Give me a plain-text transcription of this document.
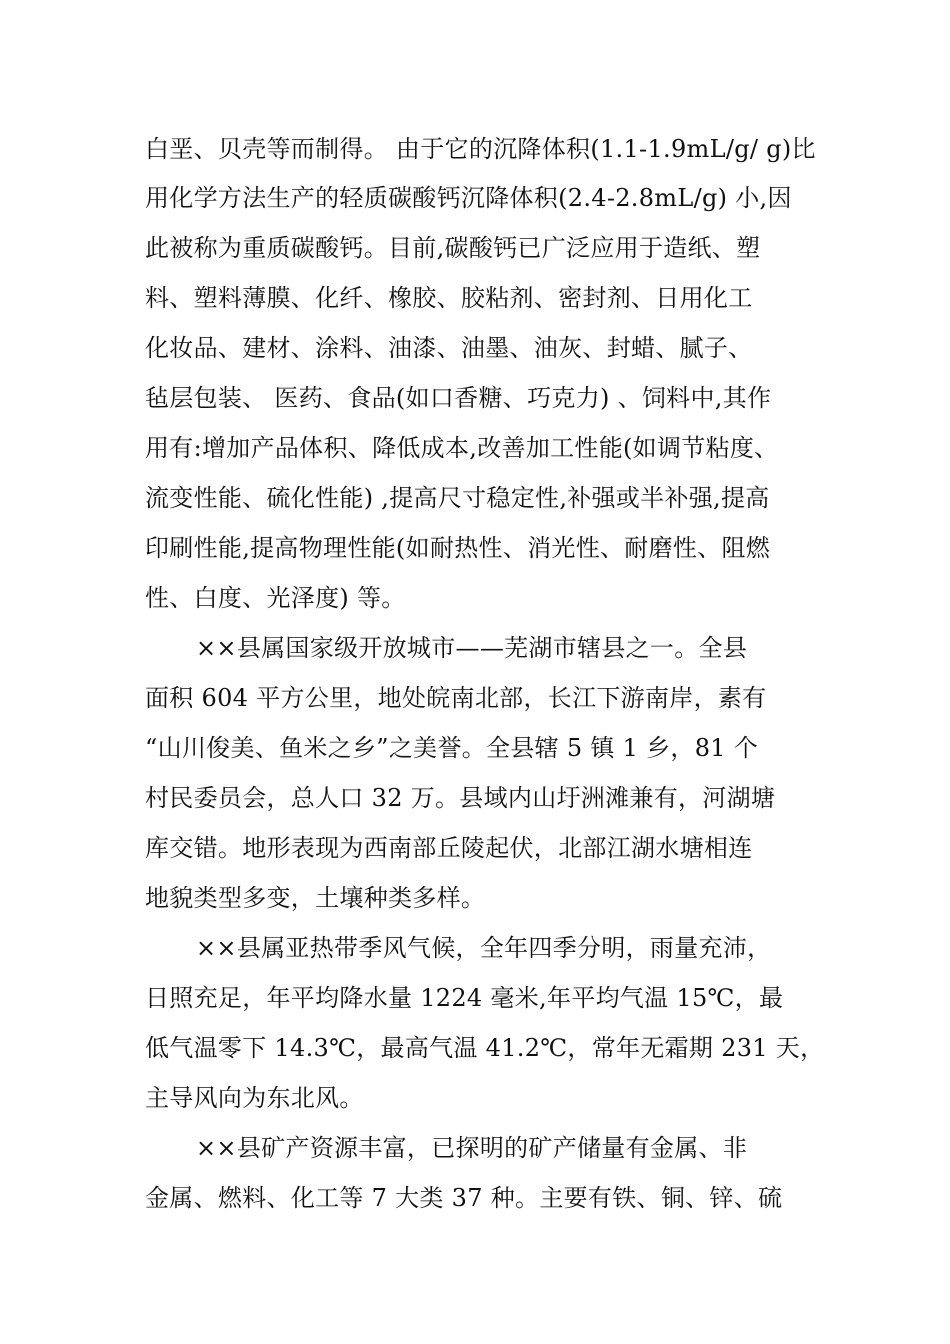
白垩、贝壳等而制得。 由于它的沉降体积(1.1-1.9mL/g/ g)比

用化学方法生产的轻质碳酸钙沉降体积(2.4-2.8mL/g) 小,因

此被称为重质碳酸钙。目前,碳酸钙已广泛应用于造纸、塑

料、塑料薄膜、化纤、橡胶、胶粘剂、密封剂、日用化工

化妆品、建材、涂料、油漆、油墨、油灰、封蜡、腻子、

毡层包装、 医药、食品(如口香糖、巧克力) 、饲料中,其作

用有:增加产品体积、降低成本,改善加工性能(如调节粘度、

流变性能、硫化性能) ,提高尺寸稳定性,补强或半补强,提高

印刷性能,提高物理性能(如耐热性、消光性、耐磨性、阻燃

性、白度、光泽度) 等。

××县属国家级开放城市——芜湖市辖县之一。全县

面积 604 平方公里，地处皖南北部，长江下游南岸，素有

“山川俊美、鱼米之乡”之美誉。全县辖 5 镇 1 乡，81 个

村民委员会，总人口 32 万。县域内山圩洲滩兼有，河湖塘

库交错。地形表现为西南部丘陵起伏，北部江湖水塘相连

地貌类型多变，土壤种类多样。

××县属亚热带季风气候，全年四季分明，雨量充沛，

日照充足，年平均降水量 1224 毫米,年平均气温 15℃，最

低气温零下 14.3℃，最高气温 41.2℃，常年无霜期 231 天，

主导风向为东北风。

××县矿产资源丰富，已探明的矿产储量有金属、非

金属、燃料、化工等 7 大类 37 种。主要有铁、铜、锌、硫
